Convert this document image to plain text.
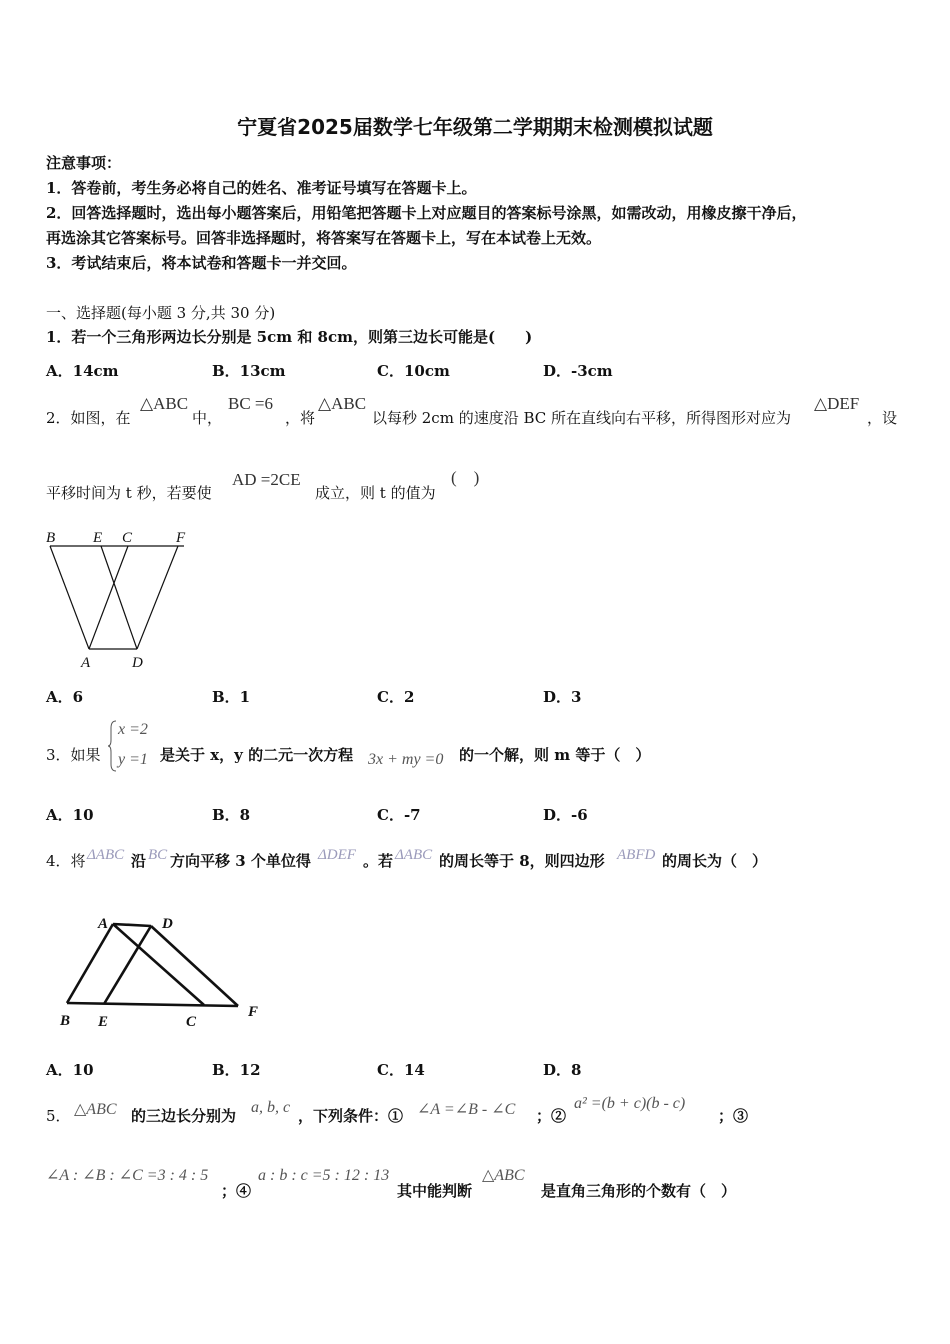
宁夏省2025届数学七年级第二学期期末检测模拟试题
注意事项：
1．答卷前，考生务必将自己的姓名、准考证号填写在答题卡上。
2．回答选择题时，选出每小题答案后，用铅笔把答题卡上对应题目的答案标号涂黑，如需改动，用橡皮擦干净后，
再选涂其它答案标号。回答非选择题时，将答案写在答题卡上，写在本试卷上无效。
3．考试结束后，将本试卷和答题卡一并交回。
一、选择题(每小题 3 分,共 30 分)
1．若一个三角形两边长分别是 5cm 和 8cm，则第三边长可能是(　　)
A．14cm	B．13cm	C．10cm	D．-3cm
2．如图，在
△ABC
中，
BC =6
，将
△ABC
以每秒 2cm 的速度沿 BC 所在直线向右平移，所得图形对应为
△DEF
，设
平移时间为 t 秒，若要使
AD =2CE
成立，则 t 的值为
(　)
B	E C	F
A	D
A．6	B．1	C．2	D．3
3．如果
x =2
y =1 是关于 x，y 的二元一次方程 3x + my =0 的一个解，则 m 等于（　）
A．10	B．8	C．-7	D．-6
4．将 ΔABC 沿 BC 方向平移 3 个单位得 ΔDEF 。若 ΔABC 的周长等于 8，则四边形 ABFD 的周长为（　）
A	D
B E	C
F
A．10	B．12	C．14	D．8
5． △ABC 的三边长分别为 a, b, c ，下列条件：① ∠A =∠B - ∠C ；②
a² =(b + c)(b - c)
；③
∠A : ∠B : ∠C =3 : 4 : 5
；④
a : b : c =5 : 12 : 13
其中能判断
△ABC
是直角三角形的个数有（　）
